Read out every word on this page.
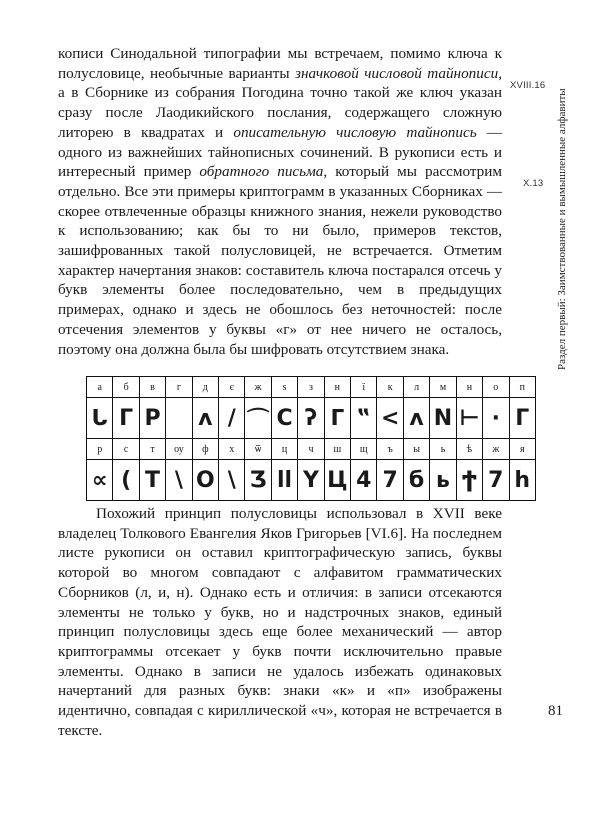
кописи Синодальной типографии мы встречаем, помимо ключа к полусловице, необычные варианты значковой числовой тайнописи, а в Сборнике из собрания Погодина точно такой же ключ указан сразу после Лаодикийского послания, содержащего сложную литорею в квадратах и описательную числовую тайнопись — одного из важнейших тайнописных сочинений. В рукописи есть и интересный пример обратного письма, который мы рассмотрим отдельно. Все эти примеры криптограмм в указанных Сборниках — скорее отвлеченные образцы книжного знания, нежели руководство к использованию; как бы то ни было, примеров текстов, зашифрованных такой полусловицей, не встречается. Отметим характер начертания знаков: составитель ключа постарался отсечь у букв элементы более последовательно, чем в предыдущих примерах, однако и здесь не обошлось без неточностей: после отсечения элементов у буквы «г» от нее ничего не осталось, поэтому она должна была бы шифровать отсутствием знака.
XVIII.16
X.13 Раздел первый: Заимствованные и вымышленные алфавиты
а	б	в	г	д	є	ж	ѕ	з	н	ї	к	л	м	н	о	п
ᒐ	Г	Р		ʌ	/	⌒	С	ʔ	ᒥ	‟	<	ʌ	N	⊢	·	Г
р	с	т	оу	ф	х	ѿ	ц	ч	ш	щ	ъ	ы	ь	ѣ	ж	я
∝	(	Т	\	O	\	Ʒ	ll	Y	Ц	4	7	б	ь	Ϯ	7	h
Похожий принцип полусловицы использовал в XVII веке владелец Толкового Евангелия Яков Григорьев [VI.6]. На последнем листе рукописи он оставил криптографическую запись, буквы которой во многом совпадают с алфавитом грамматических Сборников (л, и, н). Однако есть и отличия: в записи отсекаются элементы не только у букв, но и надстрочных знаков, единый принцип полусловицы здесь еще более механический — автор криптограммы отсекает у букв почти исключительно правые элементы. Однако в записи не удалось избежать одинаковых начертаний для разных букв: знаки «к» и «п» изображены идентично, совпадая с кириллической «ч», которая не встречается в тексте.
81
